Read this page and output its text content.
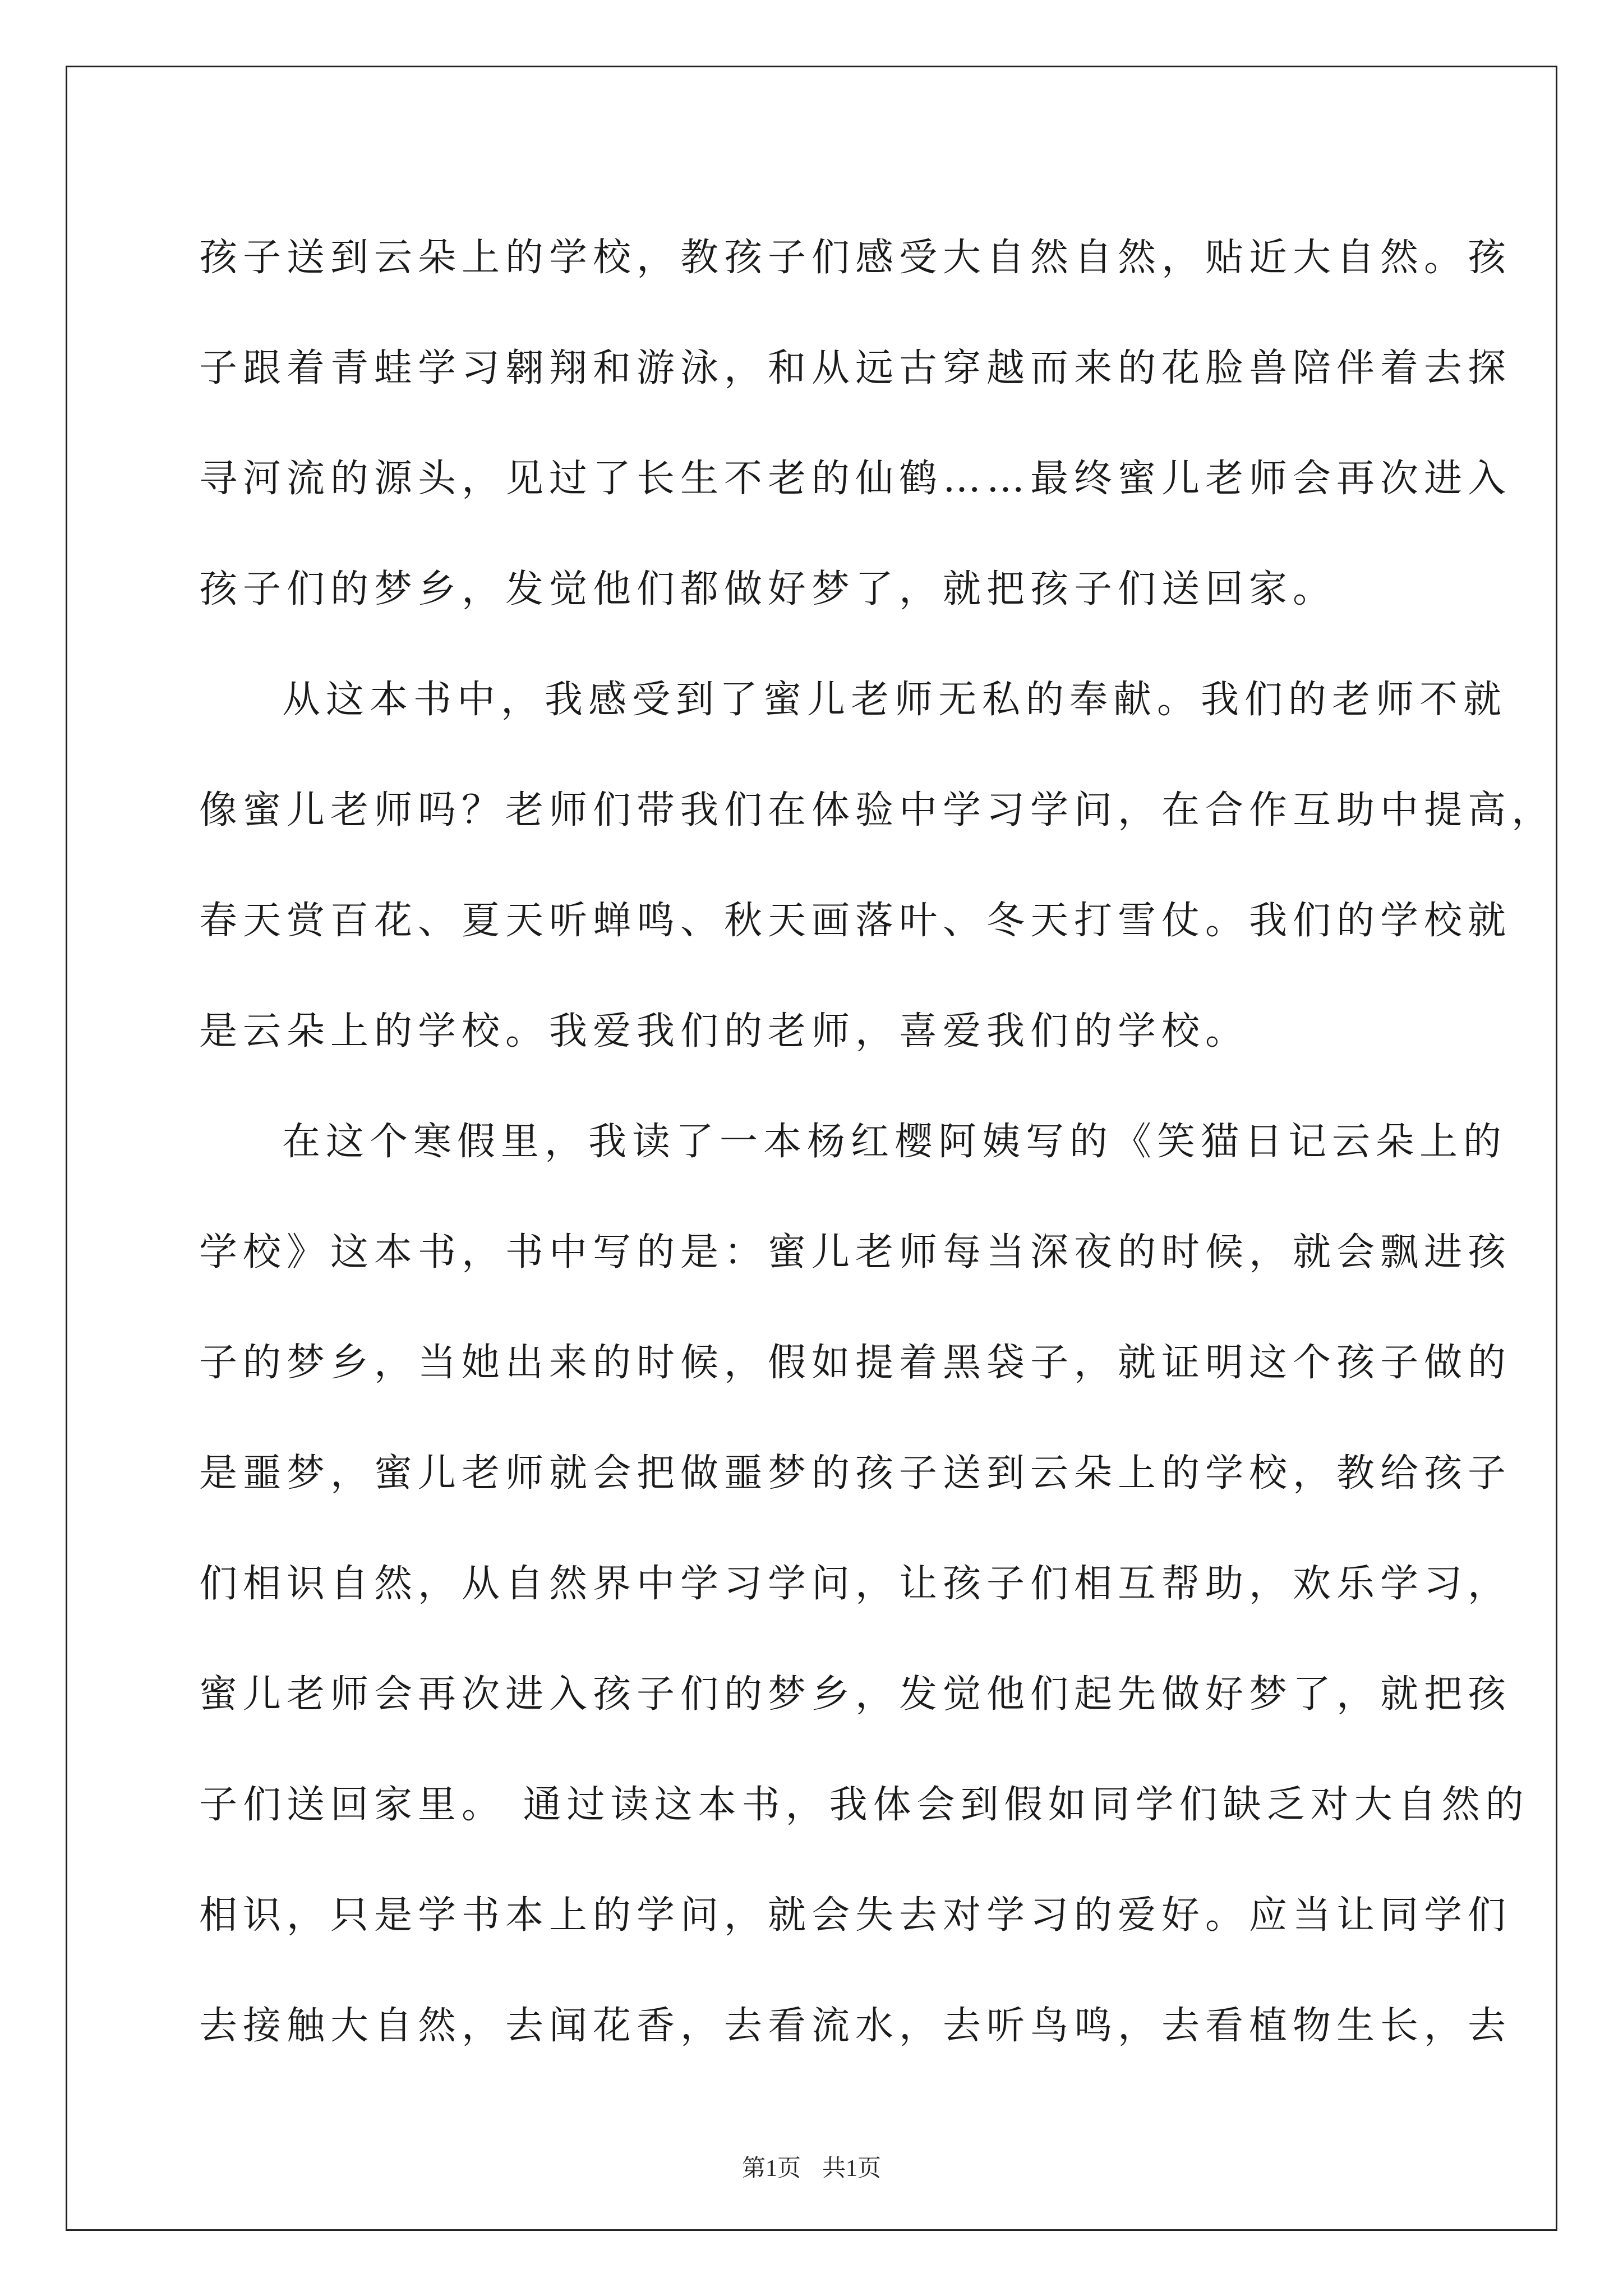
孩子送到云朵上的学校，教孩子们感受大自然自然，贴近大自然。孩
子跟着青蛙学习翱翔和游泳，和从远古穿越而来的花脸兽陪伴着去探
寻河流的源头，见过了长生不老的仙鹤……最终蜜儿老师会再次进入
孩子们的梦乡，发觉他们都做好梦了，就把孩子们送回家。
从这本书中，我感受到了蜜儿老师无私的奉献。我们的老师不就
像蜜儿老师吗？老师们带我们在体验中学习学问，在合作互助中提高，
春天赏百花、夏天听蝉鸣、秋天画落叶、冬天打雪仗。我们的学校就
是云朵上的学校。我爱我们的老师，喜爱我们的学校。
在这个寒假里，我读了一本杨红樱阿姨写的《笑猫日记云朵上的
学校》这本书，书中写的是：蜜儿老师每当深夜的时候，就会飘进孩
子的梦乡，当她出来的时候，假如提着黑袋子，就证明这个孩子做的
是噩梦，蜜儿老师就会把做噩梦的孩子送到云朵上的学校，教给孩子
们相识自然，从自然界中学习学问，让孩子们相互帮助，欢乐学习，
蜜儿老师会再次进入孩子们的梦乡，发觉他们起先做好梦了，就把孩
子们送回家里。 通过读这本书，我体会到假如同学们缺乏对大自然的
相识，只是学书本上的学问，就会失去对学习的爱好。应当让同学们
去接触大自然，去闻花香，去看流水，去听鸟鸣，去看植物生长，去
第1页 共1页
